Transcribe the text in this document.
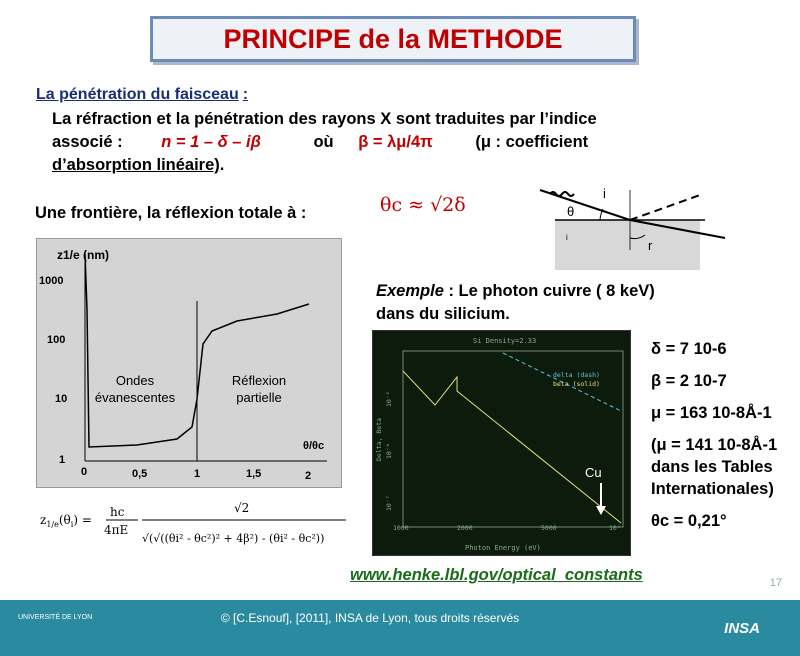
PRINCIPE de la METHODE
La pénétration du faisceau :
La réfraction et la pénétration des rayons X sont traduites par l’indice
associé : n = 1 – δ – iβ	où β = λμ/4π	(μ : coefficient
d’absorption linéaire).
Une frontière, la réflexion totale à :	θc ≈ √2δ
i
θ
r
i
z1/e (nm)
1000
100
10
1
0	0,5	1	1,5	2
θ/θc
Ondes évanescentes
Réflexion partielle
$z_{1/e}(\theta_i)$ =
hc
4πE
√2
√(√((θi² - θc²)² + 4β²) - (θi² - θc²))
Exemple : Le photon cuivre ( 8 keV) dans du silicium.
Si Density=2.33
delta (dash)
beta (solid)
Delta, Beta
Photon Energy (eV)
1000	2000	5000	10⁴
10⁻⁵
10⁻⁶
10⁻⁷
Cu
δ = 7 10-6
β = 2 10-7
μ = 163 10-8Å-1
(μ = 141 10-8Å-1 dans les Tables Internationales)
θc = 0,21°
www.henke.lbl.gov/optical_constants	17
UNIVERSITÉ DE LYON	© [C.Esnouf], [2011], INSA de Lyon, tous droits réservés
INSA
